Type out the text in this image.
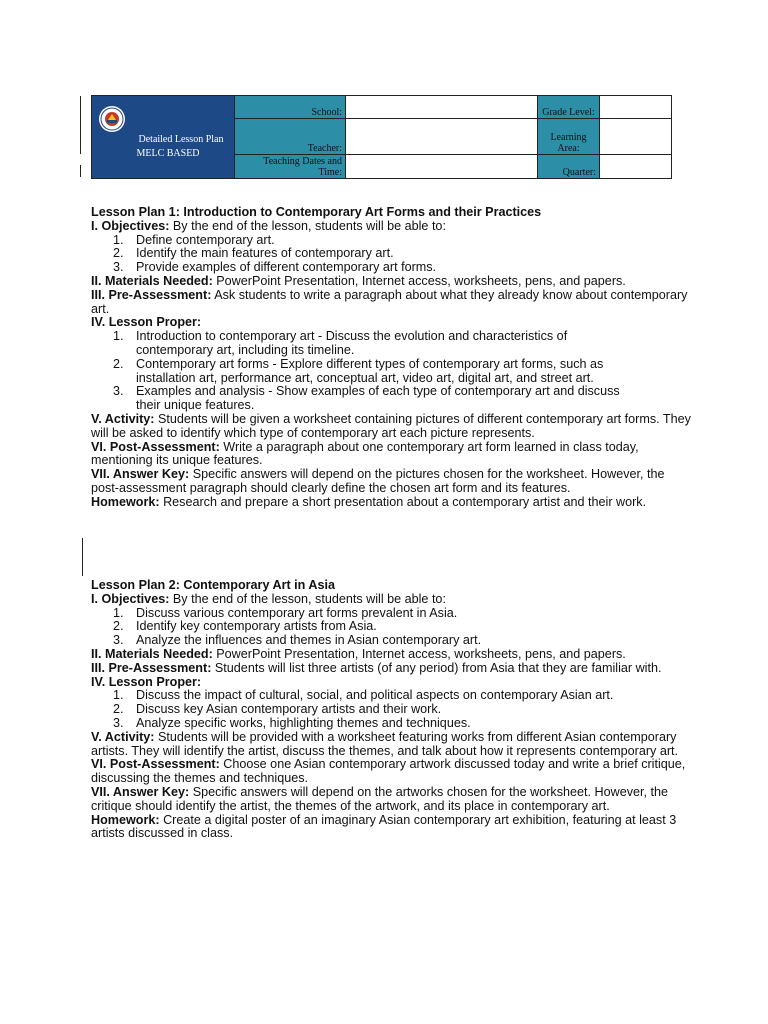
Detailed Lesson Plan
MELC BASED	School:		Grade Level:	
	Teacher:		Learning Area:	
	Teaching Dates and Time:		Quarter:	

Lesson Plan 1: Introduction to Contemporary Art Forms and their Practices

I. Objectives: By the end of the lesson, students will be able to:

1. Define contemporary art.
2. Identify the main features of contemporary art.
3. Provide examples of different contemporary art forms.

II. Materials Needed: PowerPoint Presentation, Internet access, worksheets, pens, and papers.

III. Pre-Assessment: Ask students to write a paragraph about what they already know about contemporary art.

IV. Lesson Proper:

1. Introduction to contemporary art - Discuss the evolution and characteristics of contemporary art, including its timeline.
2. Contemporary art forms - Explore different types of contemporary art forms, such as installation art, performance art, conceptual art, video art, digital art, and street art.
3. Examples and analysis - Show examples of each type of contemporary art and discuss their unique features.

V. Activity: Students will be given a worksheet containing pictures of different contemporary art forms. They will be asked to identify which type of contemporary art each picture represents.

VI. Post-Assessment: Write a paragraph about one contemporary art form learned in class today, mentioning its unique features.

VII. Answer Key: Specific answers will depend on the pictures chosen for the worksheet. However, the post-assessment paragraph should clearly define the chosen art form and its features.

Homework: Research and prepare a short presentation about a contemporary artist and their work.

Lesson Plan 2: Contemporary Art in Asia

I. Objectives: By the end of the lesson, students will be able to:

1. Discuss various contemporary art forms prevalent in Asia.
2. Identify key contemporary artists from Asia.
3. Analyze the influences and themes in Asian contemporary art.

II. Materials Needed: PowerPoint Presentation, Internet access, worksheets, pens, and papers.

III. Pre-Assessment: Students will list three artists (of any period) from Asia that they are familiar with.

IV. Lesson Proper:

1. Discuss the impact of cultural, social, and political aspects on contemporary Asian art.
2. Discuss key Asian contemporary artists and their work.
3. Analyze specific works, highlighting themes and techniques.

V. Activity: Students will be provided with a worksheet featuring works from different Asian contemporary artists. They will identify the artist, discuss the themes, and talk about how it represents contemporary art.

VI. Post-Assessment: Choose one Asian contemporary artwork discussed today and write a brief critique, discussing the themes and techniques.

VII. Answer Key: Specific answers will depend on the artworks chosen for the worksheet. However, the critique should identify the artist, the themes of the artwork, and its place in contemporary art.

Homework: Create a digital poster of an imaginary Asian contemporary art exhibition, featuring at least 3 artists discussed in class.
